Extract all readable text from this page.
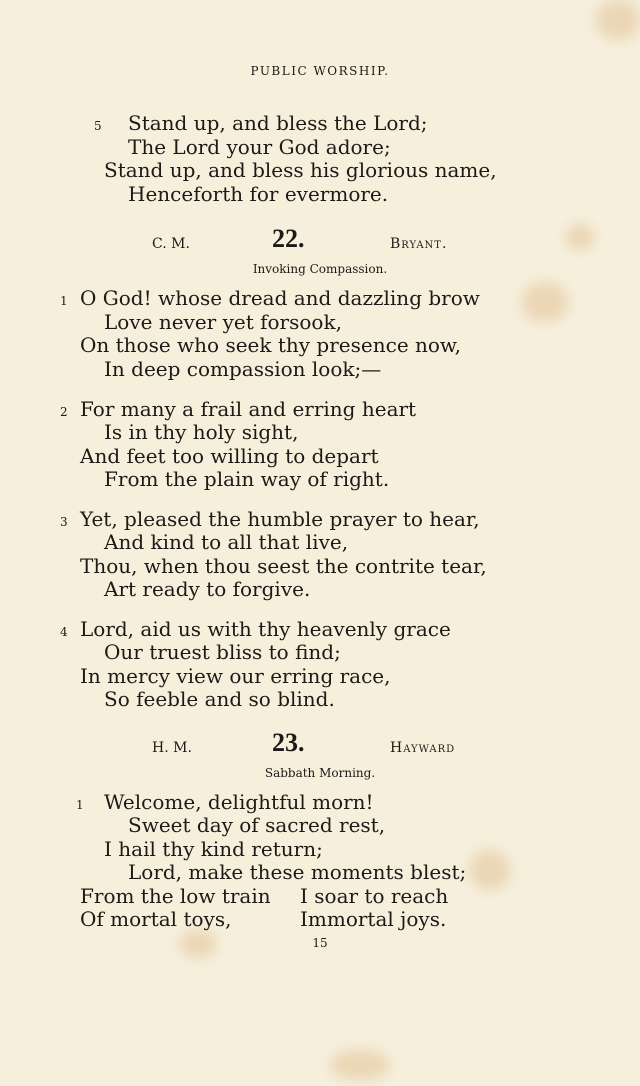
PUBLIC WORSHIP.
5 Stand up, and bless the Lord;
The Lord your God adore;
Stand up, and bless his glorious name,
Henceforth for evermore.
C. M.	22.	Bryant.
Invoking Compassion.
1 O God! whose dread and dazzling brow
Love never yet forsook,
On those who seek thy presence now,
In deep compassion look;—
2 For many a frail and erring heart
Is in thy holy sight,
And feet too willing to depart
From the plain way of right.
3 Yet, pleased the humble prayer to hear,
And kind to all that live,
Thou, when thou seest the contrite tear,
Art ready to forgive.
4 Lord, aid us with thy heavenly grace
Our truest bliss to find;
In mercy view our erring race,
So feeble and so blind.
H. M.	23.	Hayward
Sabbath Morning.
1 Welcome, delightful morn!
Sweet day of sacred rest,
I hail thy kind return;
Lord, make these moments blest;
From the low train I soar to reach
Of mortal toys,	Immortal joys.
15
